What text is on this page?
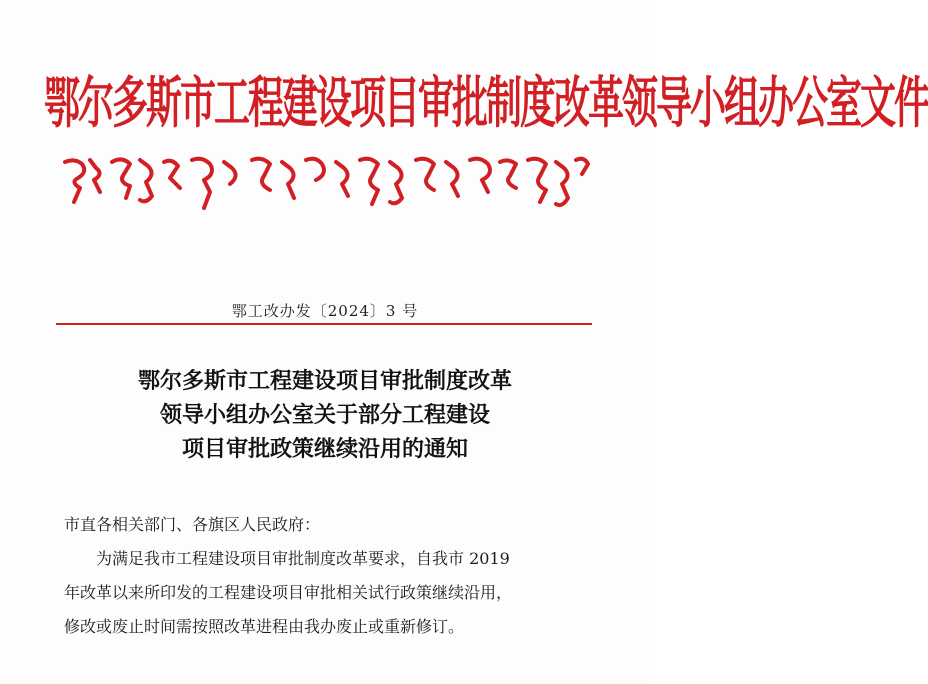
鄂尔多斯市工程建设项目审批制度改革领导小组办公室文件
鄂工改办发〔2024〕3 号
鄂尔多斯市工程建设项目审批制度改革
领导小组办公室关于部分工程建设
项目审批政策继续沿用的通知
市直各相关部门、各旗区人民政府：
为满足我市工程建设项目审批制度改革要求，自我市 2019
年改革以来所印发的工程建设项目审批相关试行政策继续沿用，
修改或废止时间需按照改革进程由我办废止或重新修订。
